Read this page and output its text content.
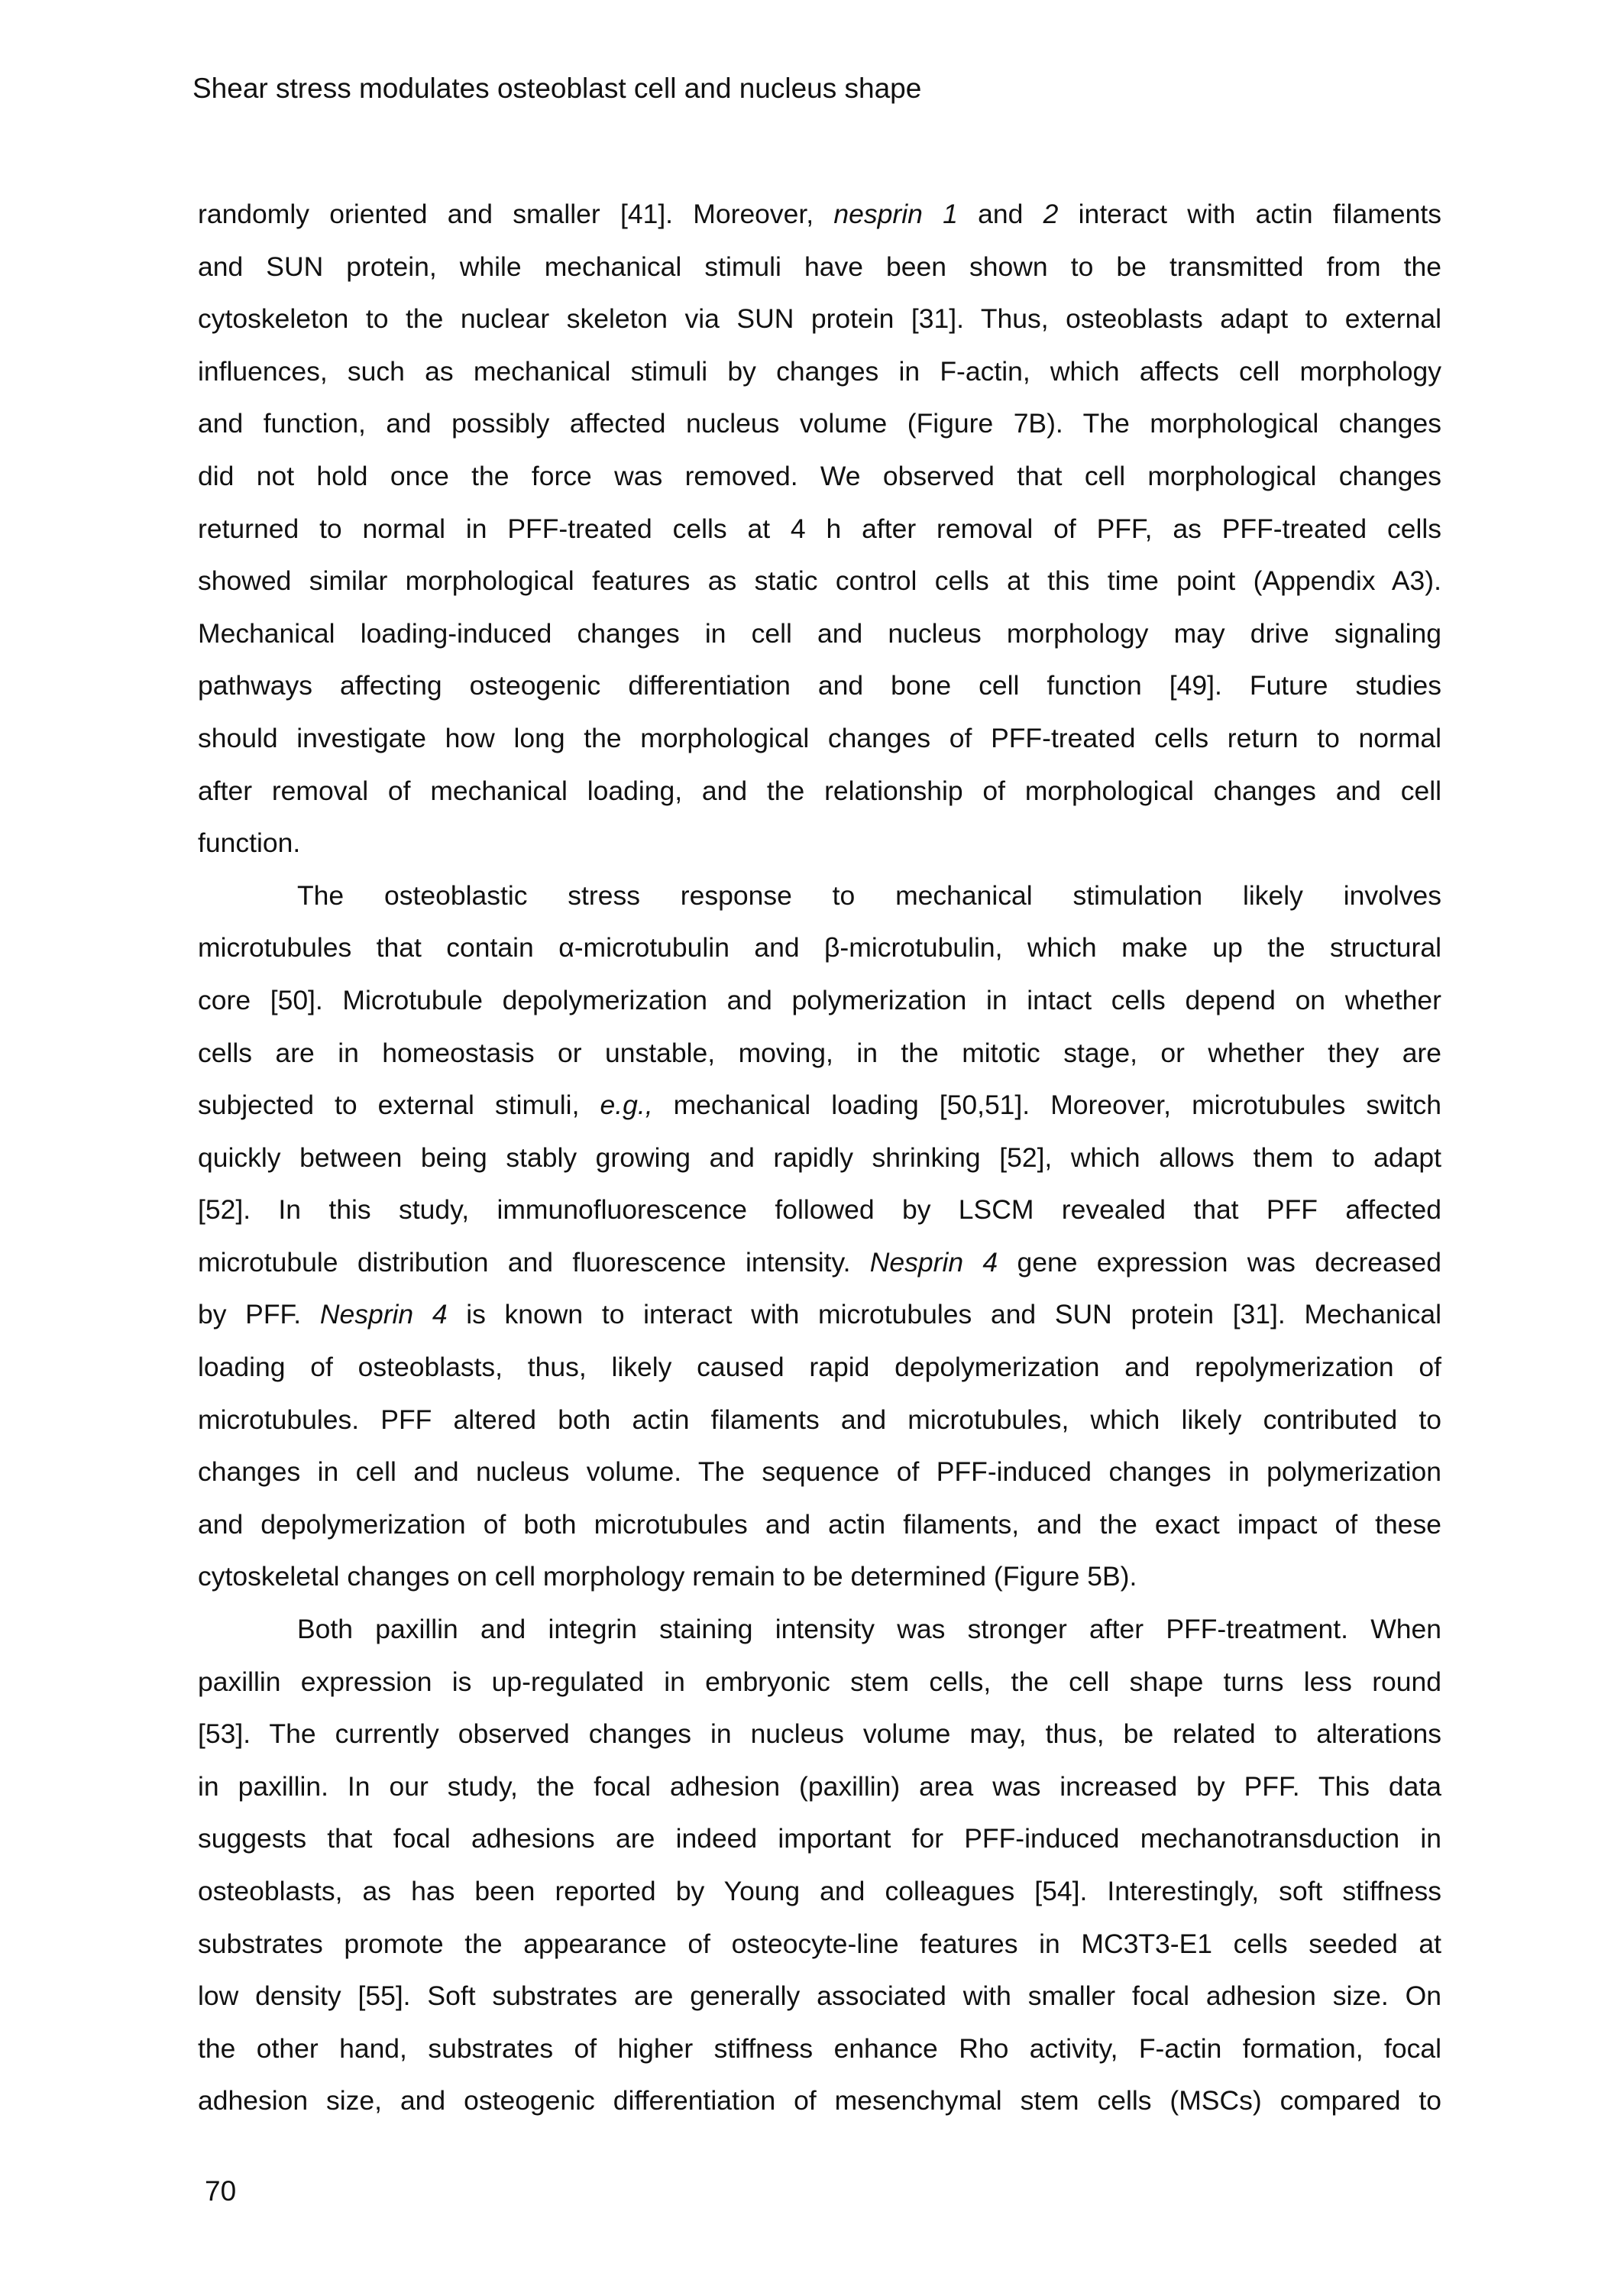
Shear stress modulates osteoblast cell and nucleus shape
randomly oriented and smaller [41]. Moreover, nesprin 1 and 2 interact with actin filaments
and SUN protein, while mechanical stimuli have been shown to be transmitted from the
cytoskeleton to the nuclear skeleton via SUN protein [31]. Thus, osteoblasts adapt to external
influences, such as mechanical stimuli by changes in F-actin, which affects cell morphology
and function, and possibly affected nucleus volume (Figure 7B). The morphological changes
did not hold once the force was removed. We observed that cell morphological changes
returned to normal in PFF-treated cells at 4 h after removal of PFF, as PFF-treated cells
showed similar morphological features as static control cells at this time point (Appendix A3).
Mechanical loading-induced changes in cell and nucleus morphology may drive signaling
pathways affecting osteogenic differentiation and bone cell function [49]. Future studies
should investigate how long the morphological changes of PFF-treated cells return to normal
after removal of mechanical loading, and the relationship of morphological changes and cell
function.
The osteoblastic stress response to mechanical stimulation likely involves
microtubules that contain α-microtubulin and β-microtubulin, which make up the structural
core [50]. Microtubule depolymerization and polymerization in intact cells depend on whether
cells are in homeostasis or unstable, moving, in the mitotic stage, or whether they are
subjected to external stimuli, e.g., mechanical loading [50,51]. Moreover, microtubules switch
quickly between being stably growing and rapidly shrinking [52], which allows them to adapt
[52]. In this study, immunofluorescence followed by LSCM revealed that PFF affected
microtubule distribution and fluorescence intensity. Nesprin 4 gene expression was decreased
by PFF. Nesprin 4 is known to interact with microtubules and SUN protein [31]. Mechanical
loading of osteoblasts, thus, likely caused rapid depolymerization and repolymerization of
microtubules. PFF altered both actin filaments and microtubules, which likely contributed to
changes in cell and nucleus volume. The sequence of PFF-induced changes in polymerization
and depolymerization of both microtubules and actin filaments, and the exact impact of these
cytoskeletal changes on cell morphology remain to be determined (Figure 5B).
Both paxillin and integrin staining intensity was stronger after PFF-treatment. When
paxillin expression is up-regulated in embryonic stem cells, the cell shape turns less round
[53]. The currently observed changes in nucleus volume may, thus, be related to alterations
in paxillin. In our study, the focal adhesion (paxillin) area was increased by PFF. This data
suggests that focal adhesions are indeed important for PFF-induced mechanotransduction in
osteoblasts, as has been reported by Young and colleagues [54]. Interestingly, soft stiffness
substrates promote the appearance of osteocyte-line features in MC3T3-E1 cells seeded at
low density [55]. Soft substrates are generally associated with smaller focal adhesion size. On
the other hand, substrates of higher stiffness enhance Rho activity, F-actin formation, focal
adhesion size, and osteogenic differentiation of mesenchymal stem cells (MSCs) compared to
70
